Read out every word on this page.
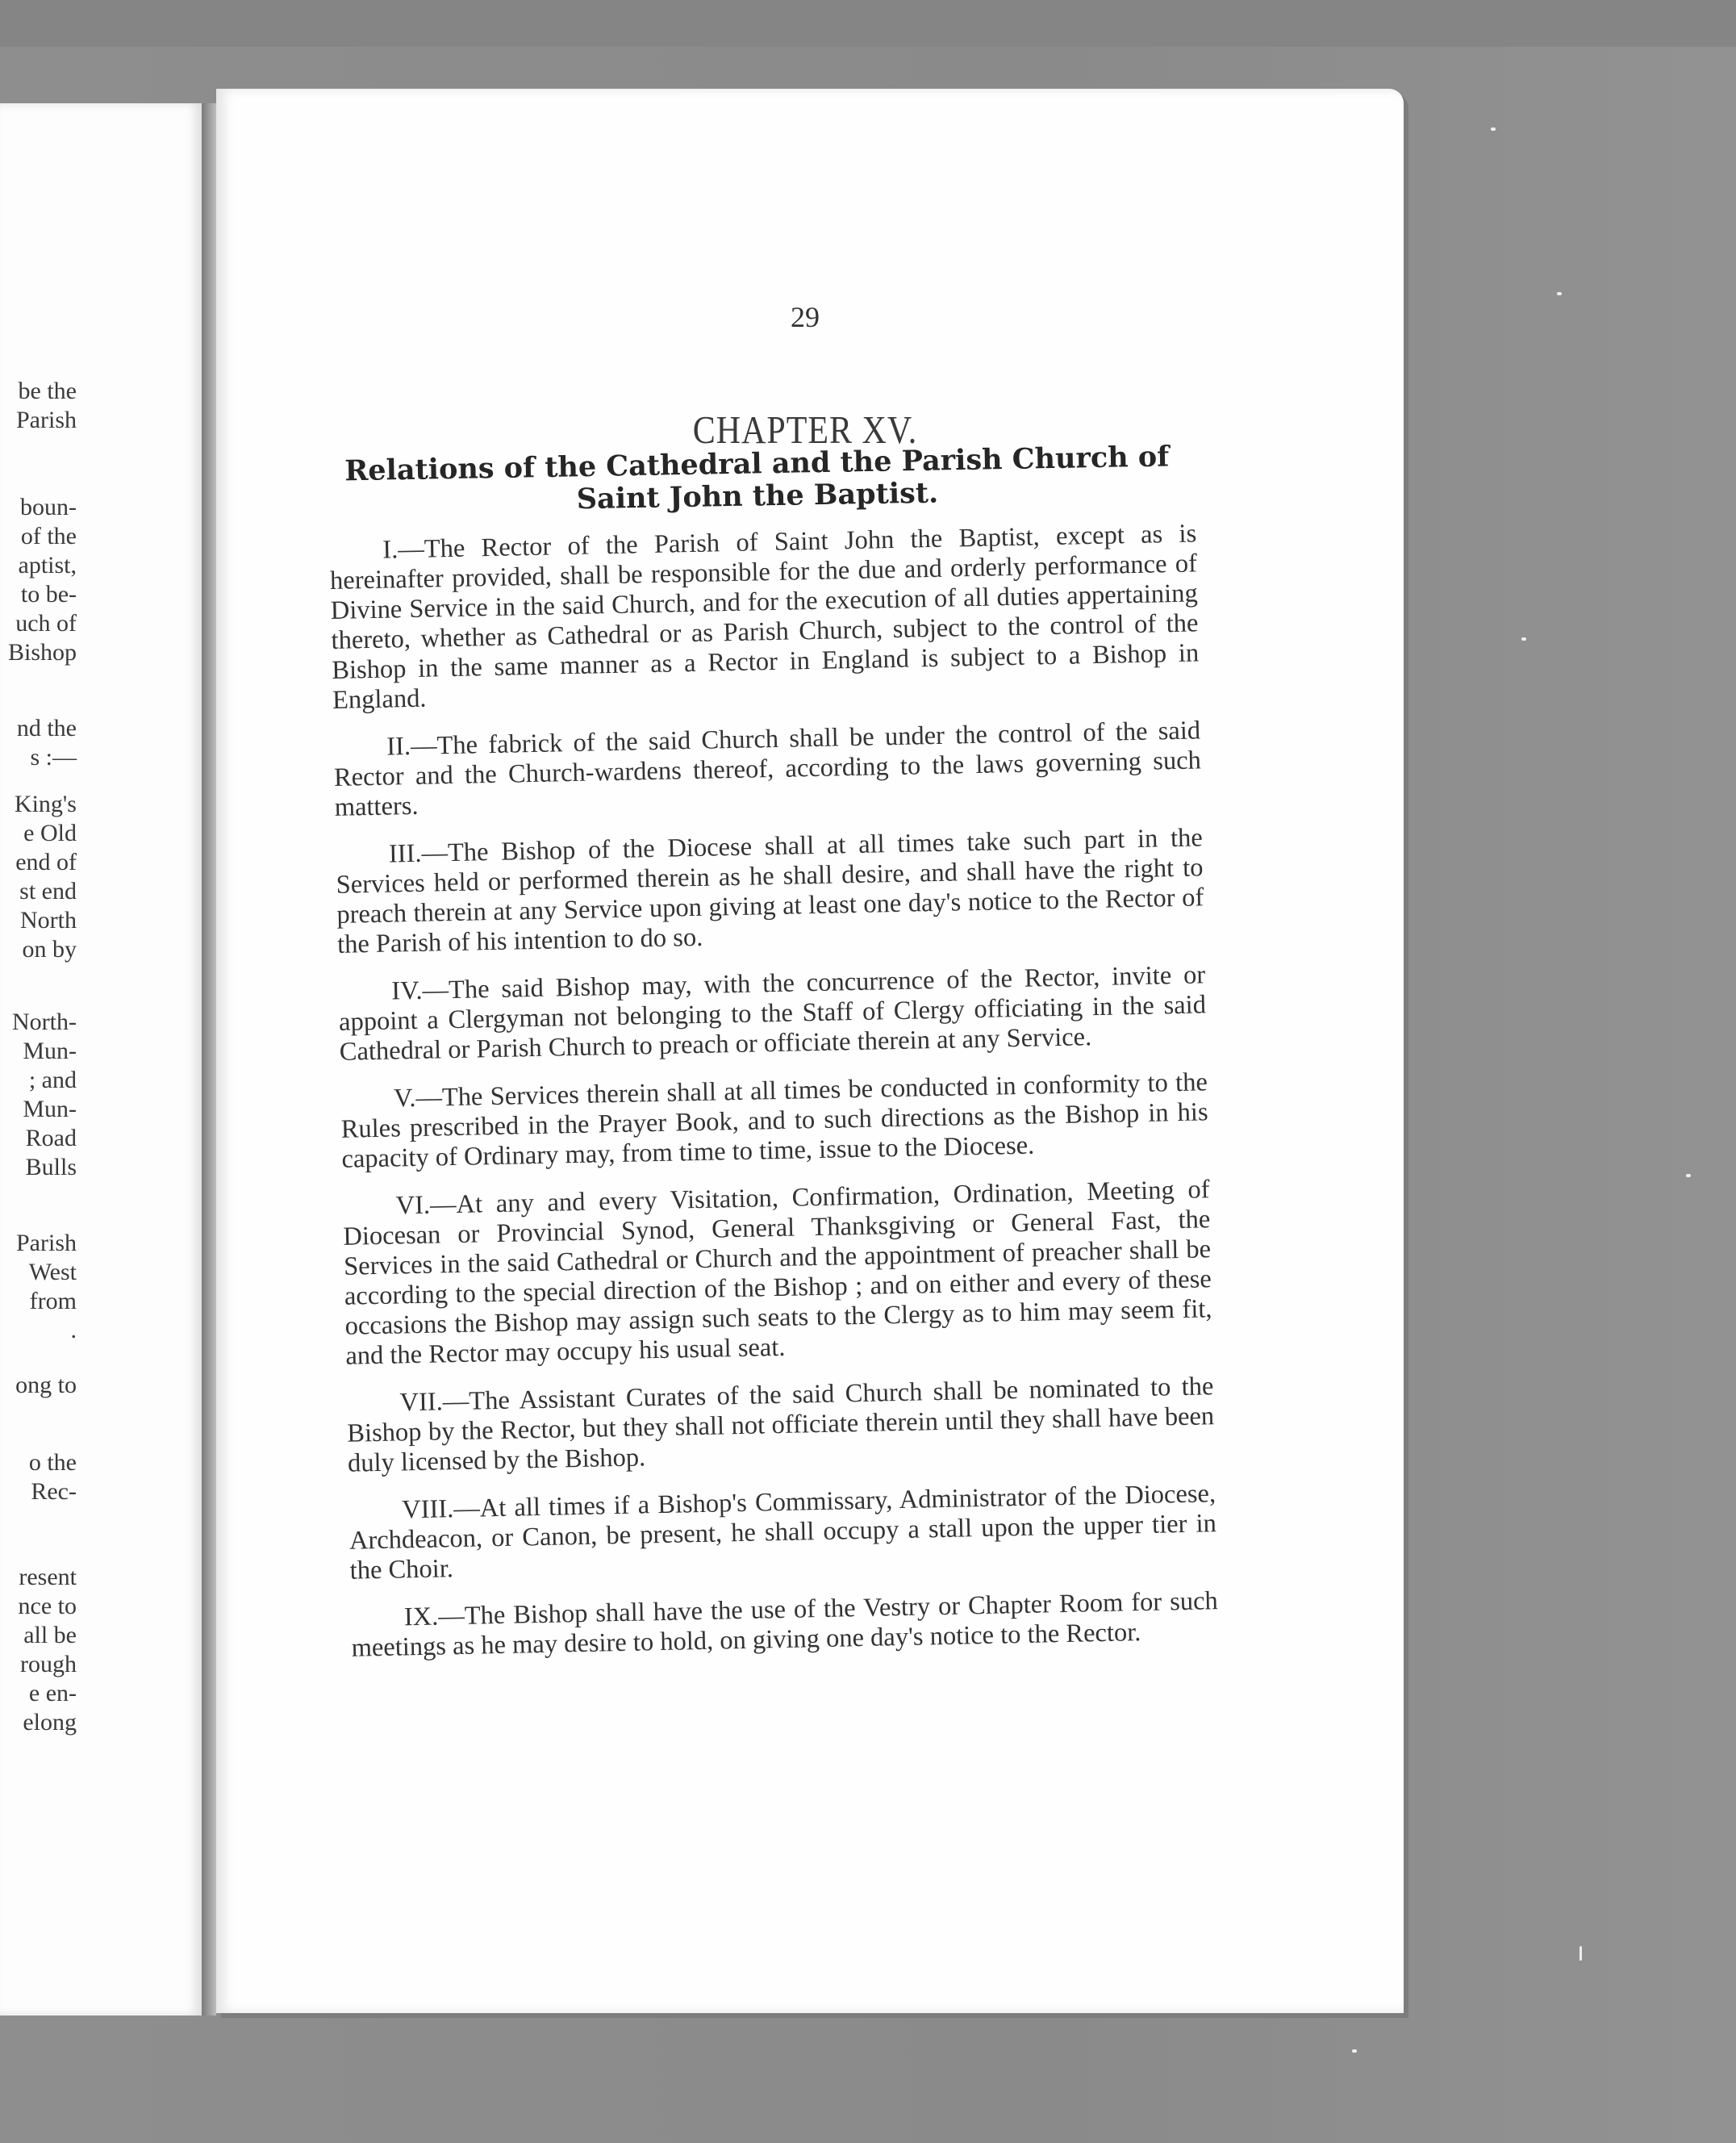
be the
Parish
boun-
of the
aptist,
to be-
uch of
Bishop
nd the
s :—
King's
e Old
end of
st end
North
on by
North-
Mun-
; and
Mun-
Road
Bulls
Parish
West
from
.
ong to
o the
Rec-
resent
nce to
all be
rough
e en-
elong
29
CHAPTER XV.
Relations of the Cathedral and the Parish Church of
Saint John the Baptist.

I.—The Rector of the Parish of Saint John the Baptist, except as is hereinafter provided, shall be responsible for the due and orderly performance of Divine Service in the said Church, and for the execution of all duties appertaining thereto, whether as Cathedral or as Parish Church, subject to the control of the Bishop in the same manner as a Rector in England is subject to a Bishop in England.

II.—The fabrick of the said Church shall be under the control of the said Rector and the Church-wardens thereof, according to the laws governing such matters.

III.—The Bishop of the Diocese shall at all times take such part in the Services held or performed therein as he shall desire, and shall have the right to preach therein at any Service upon giving at least one day's notice to the Rector of the Parish of his intention to do so.

IV.—The said Bishop may, with the concurrence of the Rector, invite or appoint a Clergyman not belonging to the Staff of Clergy officiating in the said Cathedral or Parish Church to preach or officiate therein at any Service.

V.—The Services therein shall at all times be conducted in conformity to the Rules prescribed in the Prayer Book, and to such directions as the Bishop in his capacity of Ordinary may, from time to time, issue to the Diocese.

VI.—At any and every Visitation, Confirmation, Ordination, Meeting of Diocesan or Provincial Synod, General Thanksgiving or General Fast, the Services in the said Cathedral or Church and the appointment of preacher shall be according to the special direction of the Bishop ; and on either and every of these occasions the Bishop may assign such seats to the Clergy as to him may seem fit, and the Rector may occupy his usual seat.

VII.—The Assistant Curates of the said Church shall be nominated to the Bishop by the Rector, but they shall not officiate therein until they shall have been duly licensed by the Bishop.

VIII.—At all times if a Bishop's Commissary, Administrator of the Diocese, Archdeacon, or Canon, be present, he shall occupy a stall upon the upper tier in the Choir.

IX.—The Bishop shall have the use of the Vestry or Chapter Room for such meetings as he may desire to hold, on giving one day's notice to the Rector.
